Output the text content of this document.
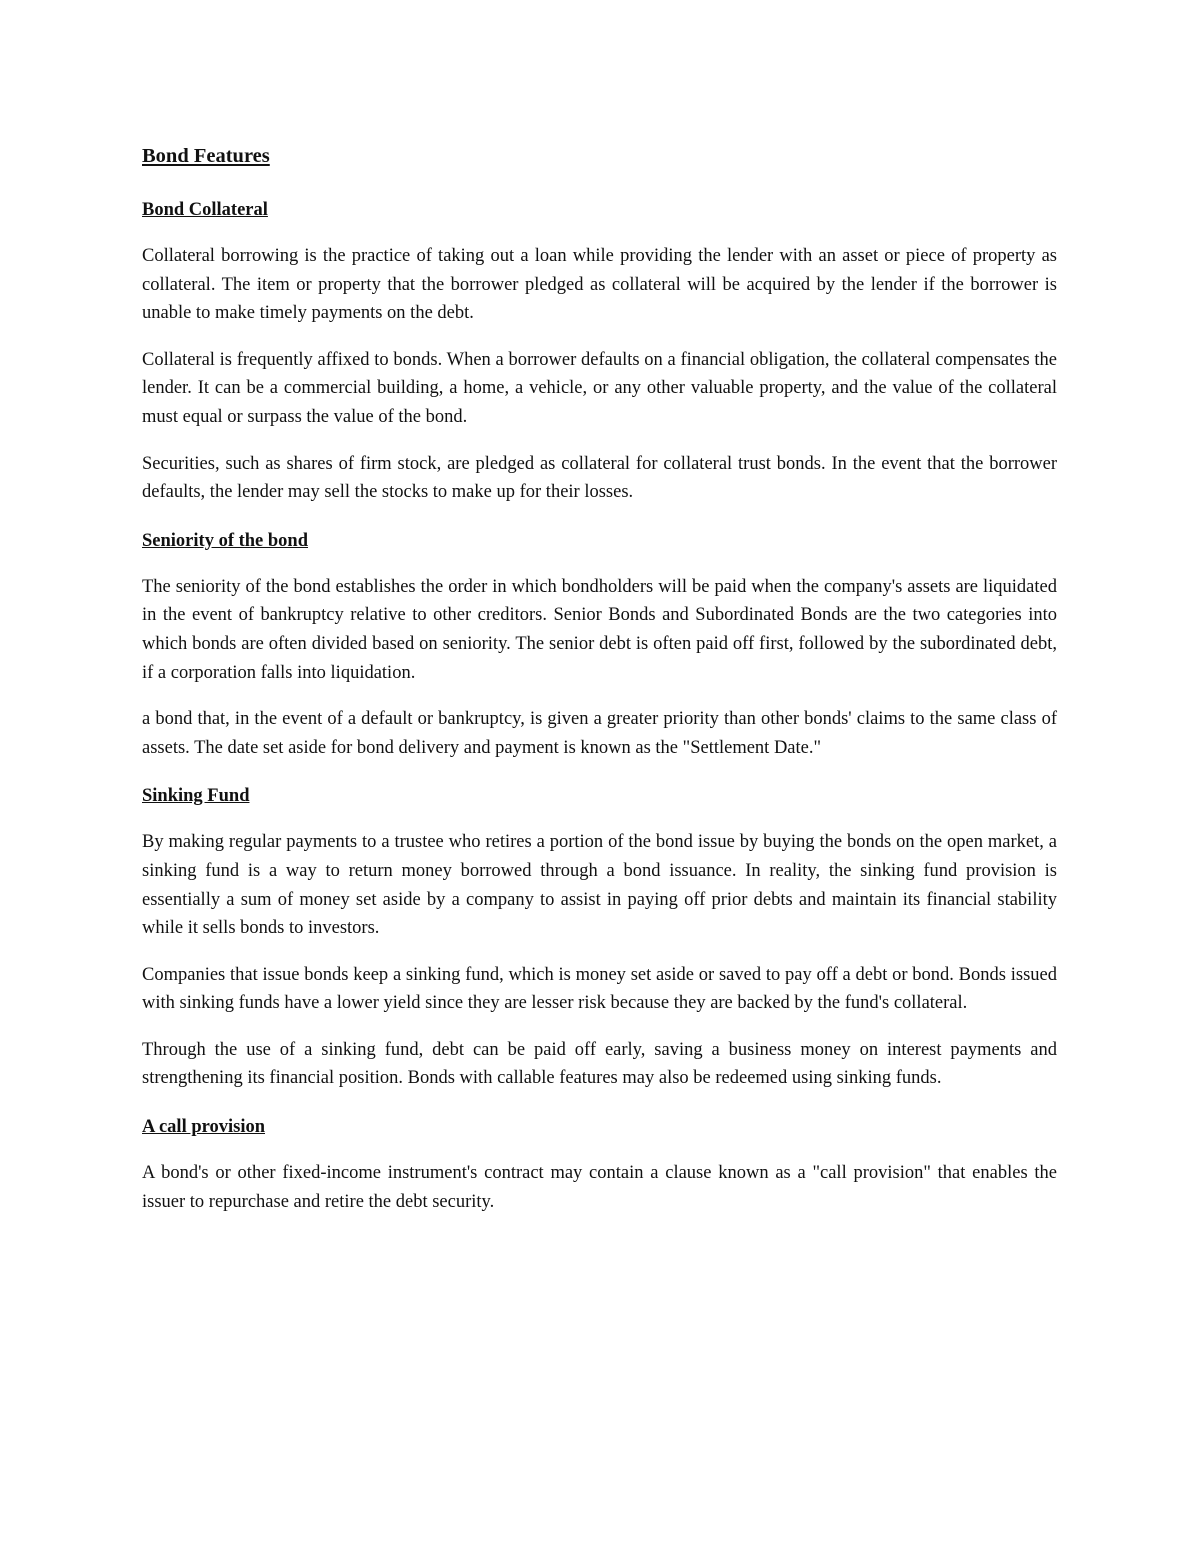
Bond Features
Bond Collateral

Collateral borrowing is the practice of taking out a loan while providing the lender with an asset or piece of property as collateral. The item or property that the borrower pledged as collateral will be acquired by the lender if the borrower is unable to make timely payments on the debt.

Collateral is frequently affixed to bonds. When a borrower defaults on a financial obligation, the collateral compensates the lender. It can be a commercial building, a home, a vehicle, or any other valuable property, and the value of the collateral must equal or surpass the value of the bond.

Securities, such as shares of firm stock, are pledged as collateral for collateral trust bonds. In the event that the borrower defaults, the lender may sell the stocks to make up for their losses.

Seniority of the bond

The seniority of the bond establishes the order in which bondholders will be paid when the company's assets are liquidated in the event of bankruptcy relative to other creditors. Senior Bonds and Subordinated Bonds are the two categories into which bonds are often divided based on seniority. The senior debt is often paid off first, followed by the subordinated debt, if a corporation falls into liquidation.

a bond that, in the event of a default or bankruptcy, is given a greater priority than other bonds' claims to the same class of assets. The date set aside for bond delivery and payment is known as the "Settlement Date."

Sinking Fund

By making regular payments to a trustee who retires a portion of the bond issue by buying the bonds on the open market, a sinking fund is a way to return money borrowed through a bond issuance. In reality, the sinking fund provision is essentially a sum of money set aside by a company to assist in paying off prior debts and maintain its financial stability while it sells bonds to investors.

Companies that issue bonds keep a sinking fund, which is money set aside or saved to pay off a debt or bond. Bonds issued with sinking funds have a lower yield since they are lesser risk because they are backed by the fund's collateral.

Through the use of a sinking fund, debt can be paid off early, saving a business money on interest payments and strengthening its financial position. Bonds with callable features may also be redeemed using sinking funds.

A call provision

A bond's or other fixed-income instrument's contract may contain a clause known as a "call provision" that enables the issuer to repurchase and retire the debt security.
